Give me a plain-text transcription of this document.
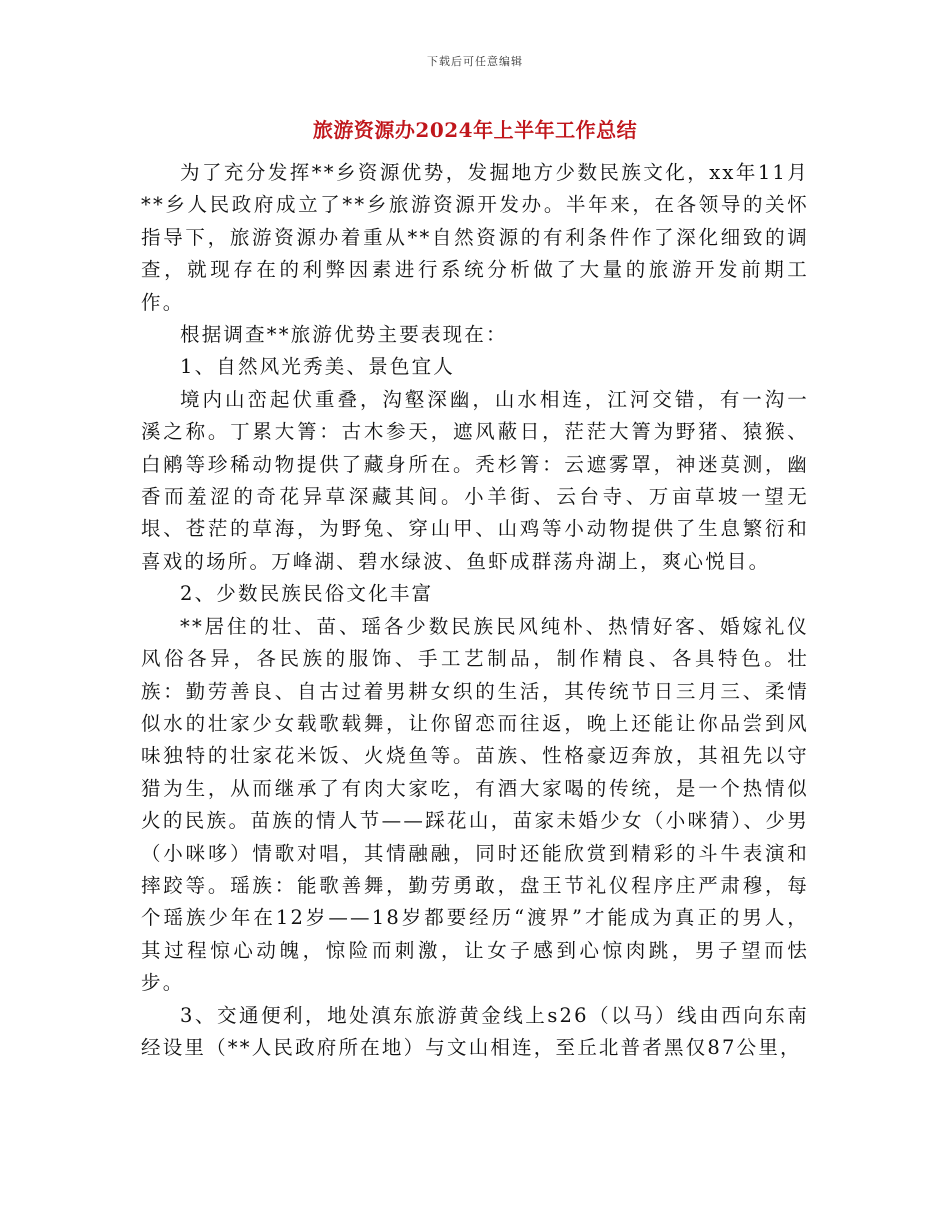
下载后可任意编辑
旅游资源办2024年上半年工作总结

为了充分发挥**乡资源优势，发掘地方少数民族文化，xx年11月**乡人民政府成立了**乡旅游资源开发办。半年来，在各领导的关怀指导下，旅游资源办着重从**自然资源的有利条件作了深化细致的调查，就现存在的利弊因素进行系统分析做了大量的旅游开发前期工作。

根据调查**旅游优势主要表现在：

1、自然风光秀美、景色宜人

境内山峦起伏重叠，沟壑深幽，山水相连，江河交错，有一沟一溪之称。丁累大箐：古木参天，遮风蔽日，茫茫大箐为野猪、猿猴、白鹇等珍稀动物提供了藏身所在。秃杉箐：云遮雾罩，神迷莫测，幽香而羞涩的奇花异草深藏其间。小羊街、云台寺、万亩草坡一望无垠、苍茫的草海，为野兔、穿山甲、山鸡等小动物提供了生息繁衍和喜戏的场所。万峰湖、碧水绿波、鱼虾成群荡舟湖上，爽心悦目。

2、少数民族民俗文化丰富

**居住的壮、苗、瑶各少数民族民风纯朴、热情好客、婚嫁礼仪风俗各异，各民族的服饰、手工艺制品，制作精良、各具特色。壮族：勤劳善良、自古过着男耕女织的生活，其传统节日三月三、柔情似水的壮家少女载歌载舞，让你留恋而往返，晚上还能让你品尝到风味独特的壮家花米饭、火烧鱼等。苗族、性格豪迈奔放，其祖先以守猎为生，从而继承了有肉大家吃，有酒大家喝的传统，是一个热情似火的民族。苗族的情人节——踩花山，苗家未婚少女（小咪猜）、少男（小咪哆）情歌对唱，其情融融，同时还能欣赏到精彩的斗牛表演和摔跤等。瑶族：能歌善舞，勤劳勇敢，盘王节礼仪程序庄严肃穆，每个瑶族少年在12岁——18岁都要经历“渡界”才能成为真正的男人，其过程惊心动魄，惊险而刺激，让女子感到心惊肉跳，男子望而怯步。

3、交通便利，地处滇东旅游黄金线上s26（以马）线由西向东南经设里（**人民政府所在地）与文山相连，至丘北普者黑仅87公里，
